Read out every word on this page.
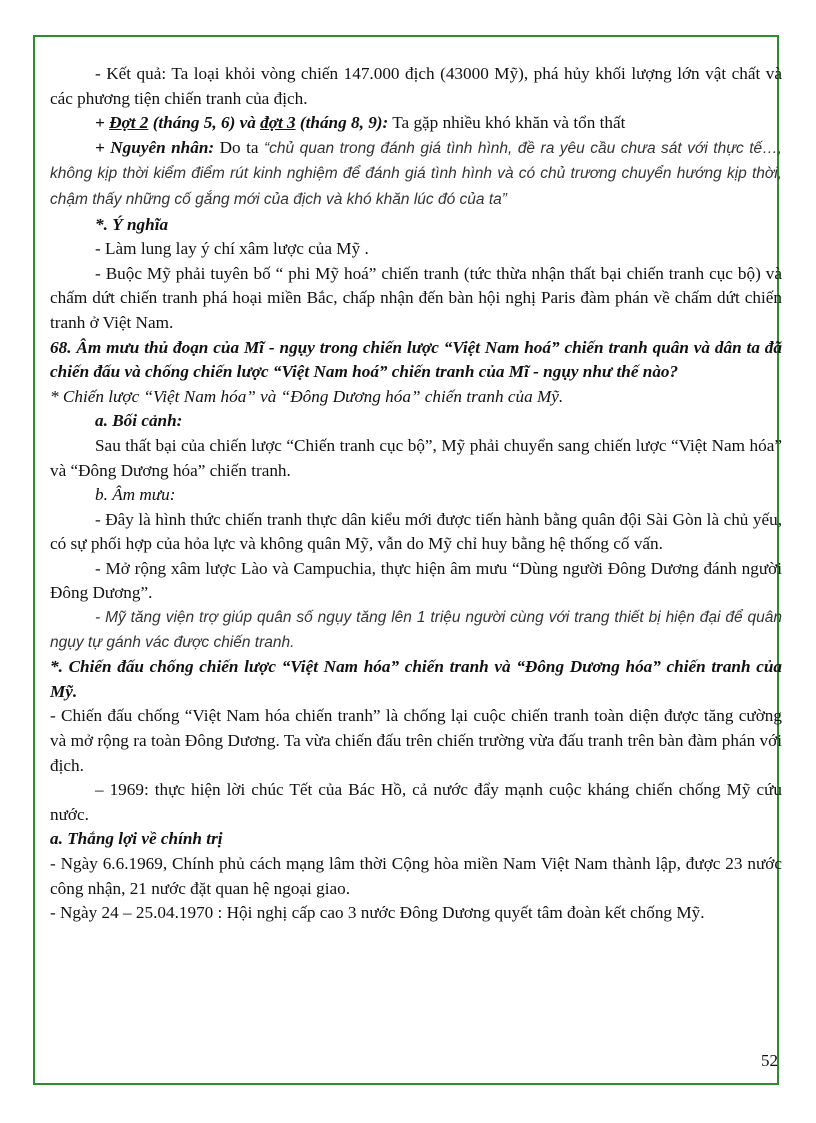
- Kết quả: Ta loại khỏi vòng chiến 147.000 địch (43000 Mỹ), phá hủy khối lượng lớn vật chất và các phương tiện chiến tranh của địch.

+ Đợt 2 (tháng 5, 6) và đợt 3 (tháng 8, 9): Ta gặp nhiều khó khăn và tổn thất

+ Nguyên nhân: Do ta “chủ quan trong đánh giá tình hình, đề ra yêu cầu chưa sát với thực tế…, không kịp thời kiểm điểm rút kinh nghiệm để đánh giá tình hình và có chủ trương chuyển hướng kịp thời, chậm thấy những cố gắng mới của địch và khó khăn lúc đó của ta”

*. Ý nghĩa

- Làm lung lay ý chí xâm lược của Mỹ .

- Buộc Mỹ phải tuyên bố “ phi Mỹ hoá” chiến tranh (tức thừa nhận thất bại chiến tranh cục bộ) và chấm dứt chiến tranh phá hoại miền Bắc, chấp nhận đến bàn hội nghị Paris đàm phán về chấm dứt chiến tranh ở Việt Nam.

68. Âm mưu thủ đoạn của Mĩ - ngụy trong chiến lược “Việt Nam hoá” chiến tranh quân và dân ta đã chiến đấu và chống chiến lược “Việt Nam hoá” chiến tranh của Mĩ - ngụy như thế nào?

* Chiến lược “Việt Nam hóa” và “Đông Dương hóa” chiến tranh của Mỹ.

a. Bối cảnh:

Sau thất bại của chiến lược “Chiến tranh cục bộ”, Mỹ phải chuyển sang chiến lược “Việt Nam hóa” và “Đông Dương hóa” chiến tranh.

b. Âm mưu:

- Đây là hình thức chiến tranh thực dân kiểu mới được tiến hành bằng quân đội Sài Gòn là chủ yếu, có sự phối hợp của hỏa lực và không quân Mỹ, vẫn do Mỹ chỉ huy bằng hệ thống cố vấn.

- Mở rộng xâm lược Lào và Campuchia, thực hiện âm mưu “Dùng người Đông Dương đánh người Đông Dương”.

- Mỹ tăng viện trợ giúp quân số ngụy tăng lên 1 triệu người cùng với trang thiết bị hiện đại để quân ngụy tự gánh vác được chiến tranh.

*. Chiến đấu chống chiến lược “Việt Nam hóa” chiến tranh và “Đông Dương hóa” chiến tranh của Mỹ.

- Chiến đấu chống “Việt Nam hóa chiến tranh” là chống lại cuộc chiến tranh toàn diện được tăng cường và mở rộng ra toàn Đông Dương. Ta vừa chiến đấu trên chiến trường vừa đấu tranh trên bàn đàm phán với địch.

– 1969: thực hiện lời chúc Tết của Bác Hồ, cả nước đẩy mạnh cuộc kháng chiến chống Mỹ cứu nước.

a. Thắng lợi về chính trị

- Ngày 6.6.1969, Chính phủ cách mạng lâm thời Cộng hòa miền Nam Việt Nam thành lập, được 23 nước công nhận, 21 nước đặt quan hệ ngoại giao.

- Ngày 24 – 25.04.1970 : Hội nghị cấp cao 3 nước Đông Dương quyết tâm đoàn kết chống Mỹ.

52
